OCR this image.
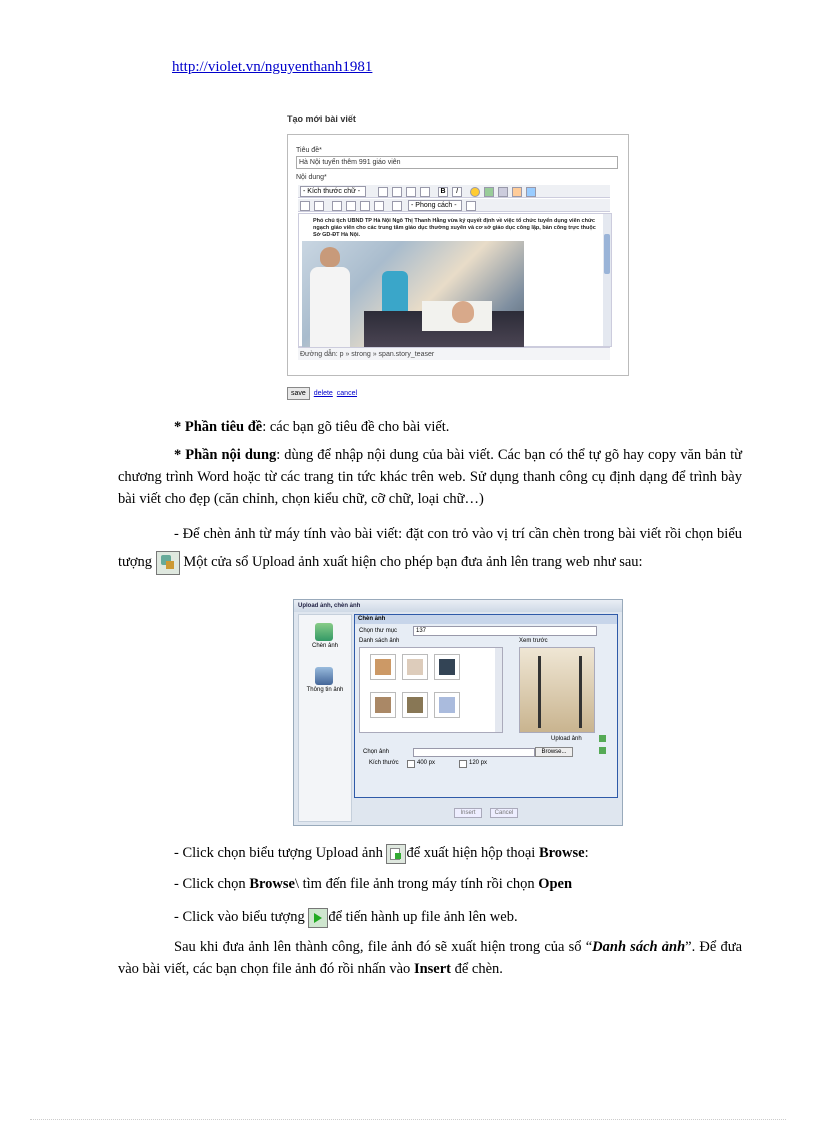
http://violet.vn/nguyenthanh1981
Tạo mới bài viết
Tiêu đề*
Hà Nội tuyển thêm 991 giáo viên
Nội dung*
- Kích thước chữ -	B	I
- Phong cách -
Phó chủ tịch UBND TP Hà Nội Ngô Thị Thanh Hằng vừa ký quyết định về việc tổ chức tuyển dụng viên chức ngạch giáo viên cho các trung tâm giáo dục thường xuyên và cơ sở giáo dục công lập, bàn công trực thuộc Sở GD-ĐT Hà Nội.
Đường dẫn: p » strong » span.story_teaser
save delete cancel
* Phần tiêu đề: các bạn gõ tiêu đề cho bài viết.
* Phần nội dung: dùng để nhập nội dung của bài viết. Các bạn có thể tự gõ hay copy văn bản từ chương trình Word hoặc từ các trang tin tức khác trên web. Sử dụng thanh công cụ định dạng để trình bày bài viết cho đẹp (căn chỉnh, chọn kiểu chữ, cỡ chữ, loại chữ…)
- Để chèn ảnh từ máy tính vào bài viết: đặt con trỏ vào vị trí cần chèn trong bài viết rồi chọn biểu tượng Một cửa sổ Upload ảnh xuất hiện cho phép bạn đưa ảnh lên trang web như sau:
Upload ảnh, chèn ảnh
Chèn ảnh
Thông tin ảnh
Chèn ảnh
Chọn thư mục	137
Danh sách ảnh	Xem trước
Upload ảnh
Chọn ảnh	Browse...
Kích thước	400 px	120 px
Insert	Cancel
- Click chọn biểu tượng Upload ảnh để xuất hiện hộp thoại Browse:
- Click chọn Browse\ tìm đến file ảnh trong máy tính rồi chọn Open
- Click vào biểu tượng để tiến hành up file ảnh lên web.
Sau khi đưa ảnh lên thành công, file ảnh đó sẽ xuất hiện trong của sổ “Danh sách ảnh”. Để đưa vào bài viết, các bạn chọn file ảnh đó rồi nhấn vào Insert để chèn.
